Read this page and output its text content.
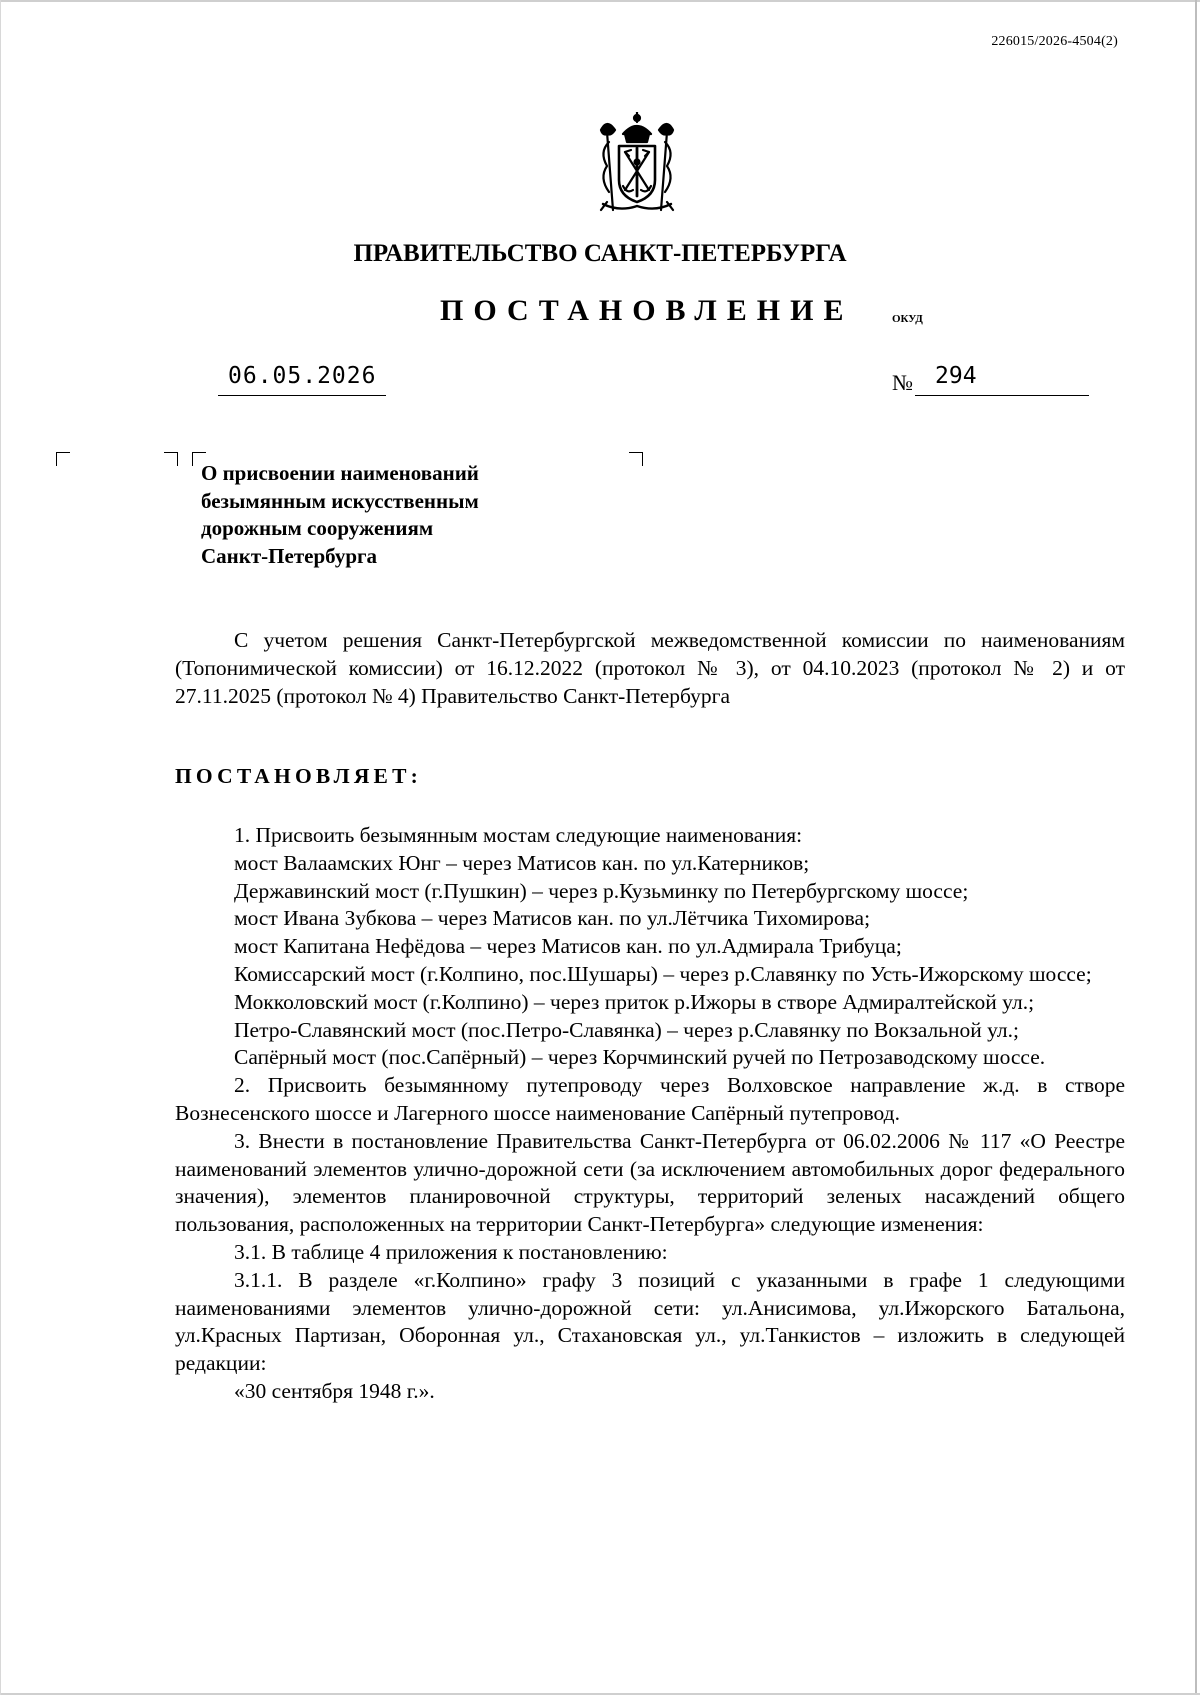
226015/2026-4504(2)
ПРАВИТЕЛЬСТВО САНКТ-ПЕТЕРБУРГА
ПОСТАНОВЛЕНИЕ	ОКУД
06.05.2026	№ 294
О присвоении наименований
безымянным искусственным
дорожным сооружениям
Санкт-Петербурга
С учетом решения Санкт-Петербургской межведомственной комиссии по наименованиям (Топонимической комиссии) от 16.12.2022 (протокол № 3), от 04.10.2023 (протокол № 2) и от 27.11.2025 (протокол № 4) Правительство Санкт-Петербурга
ПОСТАНОВЛЯЕТ:
1. Присвоить безымянным мостам следующие наименования:
мост Валаамских Юнг – через Матисов кан. по ул.Катерников;
Державинский мост (г.Пушкин) – через р.Кузьминку по Петербургскому шоссе;
мост Ивана Зубкова – через Матисов кан. по ул.Лётчика Тихомирова;
мост Капитана Нефёдова – через Матисов кан. по ул.Адмирала Трибуца;
Комиссарский мост (г.Колпино, пос.Шушары) – через р.Славянку по Усть-Ижорскому шоссе;
Мокколовский мост (г.Колпино) – через приток р.Ижоры в створе Адмиралтейской ул.;
Петро-Славянский мост (пос.Петро-Славянка) – через р.Славянку по Вокзальной ул.;
Сапёрный мост (пос.Сапёрный) – через Корчминский ручей по Петрозаводскому шоссе.
2. Присвоить безымянному путепроводу через Волховское направление ж.д. в створе Вознесенского шоссе и Лагерного шоссе наименование Сапёрный путепровод.
3. Внести в постановление Правительства Санкт-Петербурга от 06.02.2006 № 117 «О Реестре наименований элементов улично-дорожной сети (за исключением автомобильных дорог федерального значения), элементов планировочной структуры, территорий зеленых насаждений общего пользования, расположенных на территории Санкт-Петербурга» следующие изменения:
3.1. В таблице 4 приложения к постановлению:
3.1.1. В разделе «г.Колпино» графу 3 позиций с указанными в графе 1 следующими наименованиями элементов улично-дорожной сети: ул.Анисимова, ул.Ижорского Батальона, ул.Красных Партизан, Оборонная ул., Стахановская ул., ул.Танкистов – изложить в следующей редакции:
«30 сентября 1948 г.».
